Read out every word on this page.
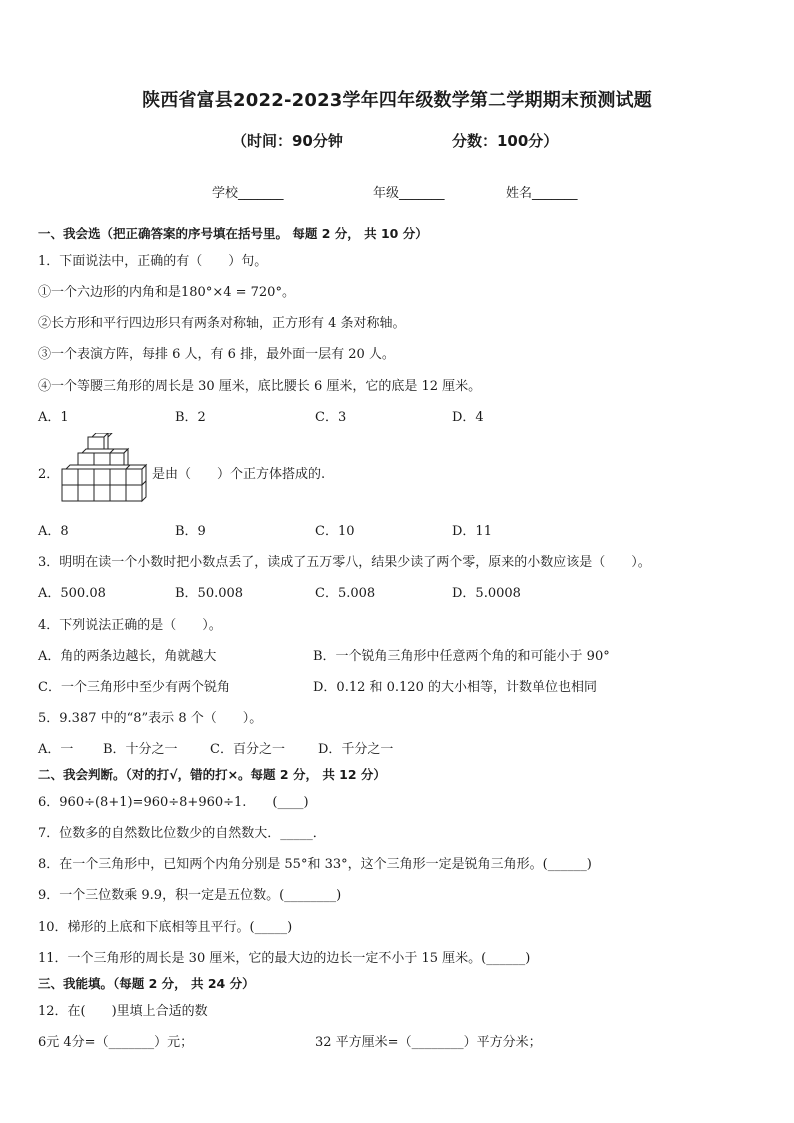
陕西省富县2022-2023学年四年级数学第二学期期末预测试题
（时间：90分钟	分数：100分）
学校_______	年级_______	姓名_______
一、我会选（把正确答案的序号填在括号里。 每题 2 分， 共 10 分）
1．下面说法中，正确的有（　　）句。
①一个六边形的内角和是180°×4 = 720°。
②长方形和平行四边形只有两条对称轴，正方形有 4 条对称轴。
③一个表演方阵，每排 6 人，有 6 排，最外面一层有 20 人。
④一个等腰三角形的周长是 30 厘米，底比腰长 6 厘米，它的底是 12 厘米。
A．1	B．2	C．3	D．4
2．	是由（　　）个正方体搭成的.
A．8	B．9	C．10	D．11
3．明明在读一个小数时把小数点丢了，读成了五万零八，结果少读了两个零，原来的小数应该是（　　）。
A．500.08	B．50.008	C．5.008	D．5.0008
4．下列说法正确的是（　　）。
A．角的两条边越长，角就越大	B．一个锐角三角形中任意两个角的和可能小于 90°
C．一个三角形中至少有两个锐角	D．0.12 和 0.120 的大小相等，计数单位也相同
5．9.387 中的“8”表示 8 个（　　）。
A．一 B．十分之一 C．百分之一	D．千分之一
二、我会判断。（对的打√，错的打×。每题 2 分， 共 12 分）
6．960÷(8+1)=960÷8+960÷1.　　(____)
7．位数多的自然数比位数少的自然数大．_____．
8．在一个三角形中，已知两个内角分别是 55°和 33°，这个三角形一定是锐角三角形。(______)
9．一个三位数乘 9.9，积一定是五位数。(________)
10．梯形的上底和下底相等且平行。(_____)
11．一个三角形的周长是 30 厘米，它的最大边的边长一定不小于 15 厘米。(______)
三、我能填。（每题 2 分， 共 24 分）
12．在(　　)里填上合适的数
6元 4分=（_______）元；	32 平方厘米=（________）平方分米；
